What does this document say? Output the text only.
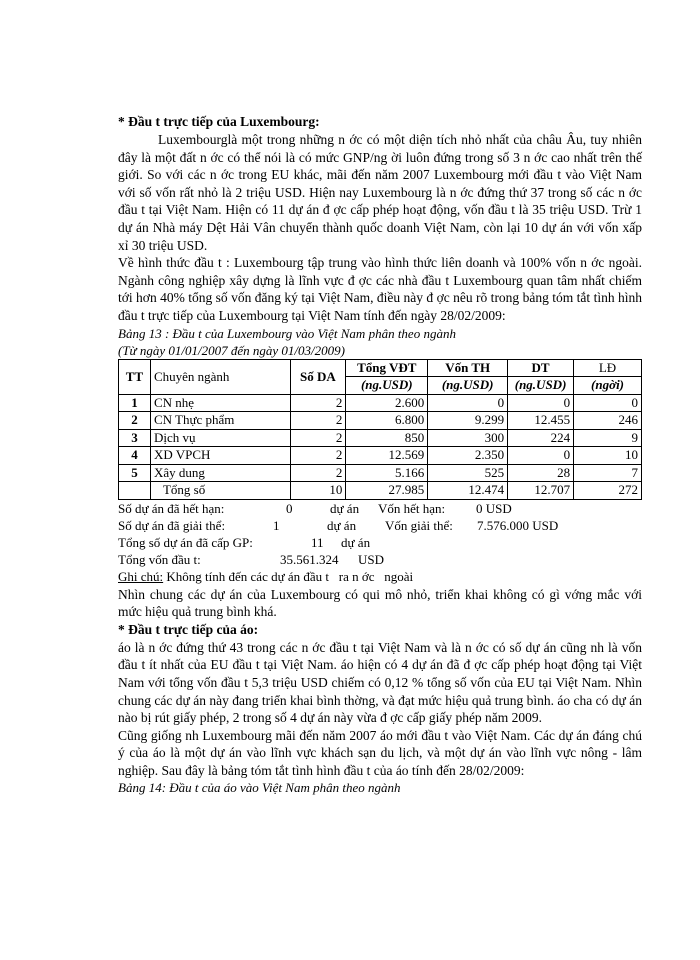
* Đầu t trực tiếp của Luxembourg:

Luxembourglà một trong những n ớc có một diện tích nhỏ nhất của châu Âu, tuy nhiên đây là một đất n ớc có thể nói là có mức GNP/ng ời luôn đứng trong số 3 n ớc cao nhất trên thế giới. So với các n ớc trong EU khác, mãi đến năm 2007 Luxembourg mới đầu t vào Việt Nam với số vốn rất nhỏ là 2 triệu USD. Hiện nay Luxembourg là n ớc đứng thứ 37 trong số các n ớc đầu t tại Việt Nam. Hiện có 11 dự án đ ợc cấp phép hoạt động, vốn đầu t là 35 triệu USD. Trừ 1 dự án Nhà máy Dệt Hải Vân chuyển thành quốc doanh Việt Nam, còn lại 10 dự án với vốn xấp xỉ 30 triệu USD.

Về hình thức đầu t : Luxembourg tập trung vào hình thức liên doanh và 100% vốn n ớc ngoài. Ngành công nghiệp xây dựng là lĩnh vực đ ợc các nhà đầu t Luxembourg quan tâm nhất chiếm tới hơn 40% tổng số vốn đăng ký tại Việt Nam, điều này đ ợc nêu rõ trong bảng tóm tắt tình hình đầu t trực tiếp của Luxembourg tại Việt Nam tính đến ngày 28/02/2009:

Bảng 13 : Đầu t của Luxembourg vào Việt Nam phân theo ngành

(Từ ngày 01/01/2007 đến ngày 01/03/2009)

TT	Chuyên ngành	Số DA	Tổng VĐT	Vốn TH	DT	LĐ
			(ng.USD)	(ng.USD)	(ng.USD)	(ngời)
1	CN nhẹ	2	2.600	0	0	0
2	CN Thực phẩm	2	6.800	9.299	12.455	246
3	Dịch vụ	2	850	300	224	9
4	XD VPCH	2	12.569	2.350	0	10
5	Xây dung	2	5.166	525	28	7
	Tổng số	10	27.985	12.474	12.707	272

Số dự án đã hết hạn:	0	dự án	Vốn hết hạn:	0 USD

Số dự án đã giải thể:	1	dự án	Vốn giải thể:	7.576.000 USD

Tổng số dự án đã cấp GP:	11	dự án

Tổng vốn đầu t:	35.561.324	USD

Ghi chú: Không tính đến các dự án đầu t   ra n ớc   ngoài

Nhìn chung các dự án của Luxembourg có qui mô nhỏ, triển khai không có gì vớng mắc với mức hiệu quả trung bình khá.

* Đầu t trực tiếp của áo:

áo là n ớc đứng thứ 43 trong các n ớc đầu t tại Việt Nam và là n ớc có số dự án cũng nh là vốn đầu t ít nhất của EU đầu t tại Việt Nam. áo hiện có 4 dự án đã đ ợc cấp phép hoạt động tại Việt Nam với tổng vốn đầu t 5,3 triệu USD chiếm có 0,12 % tổng số vốn của EU tại Việt Nam. Nhìn chung các dự án này đang triển khai bình thờng, và đạt mức hiệu quả trung bình. áo cha có dự án nào bị rút giấy phép, 2 trong số 4 dự án này vừa đ ợc cấp giấy phép năm 2009.

Cũng giống nh Luxembourg mãi đến năm 2007 áo mới đầu t vào Việt Nam. Các dự án đáng chú ý của áo là một dự án vào lĩnh vực khách sạn du lịch, và một dự án vào lĩnh vực nông - lâm nghiệp. Sau đây là bảng tóm tắt tình hình đầu t của áo tính đến 28/02/2009:

Bảng 14: Đầu t của áo vào Việt Nam phân theo ngành
